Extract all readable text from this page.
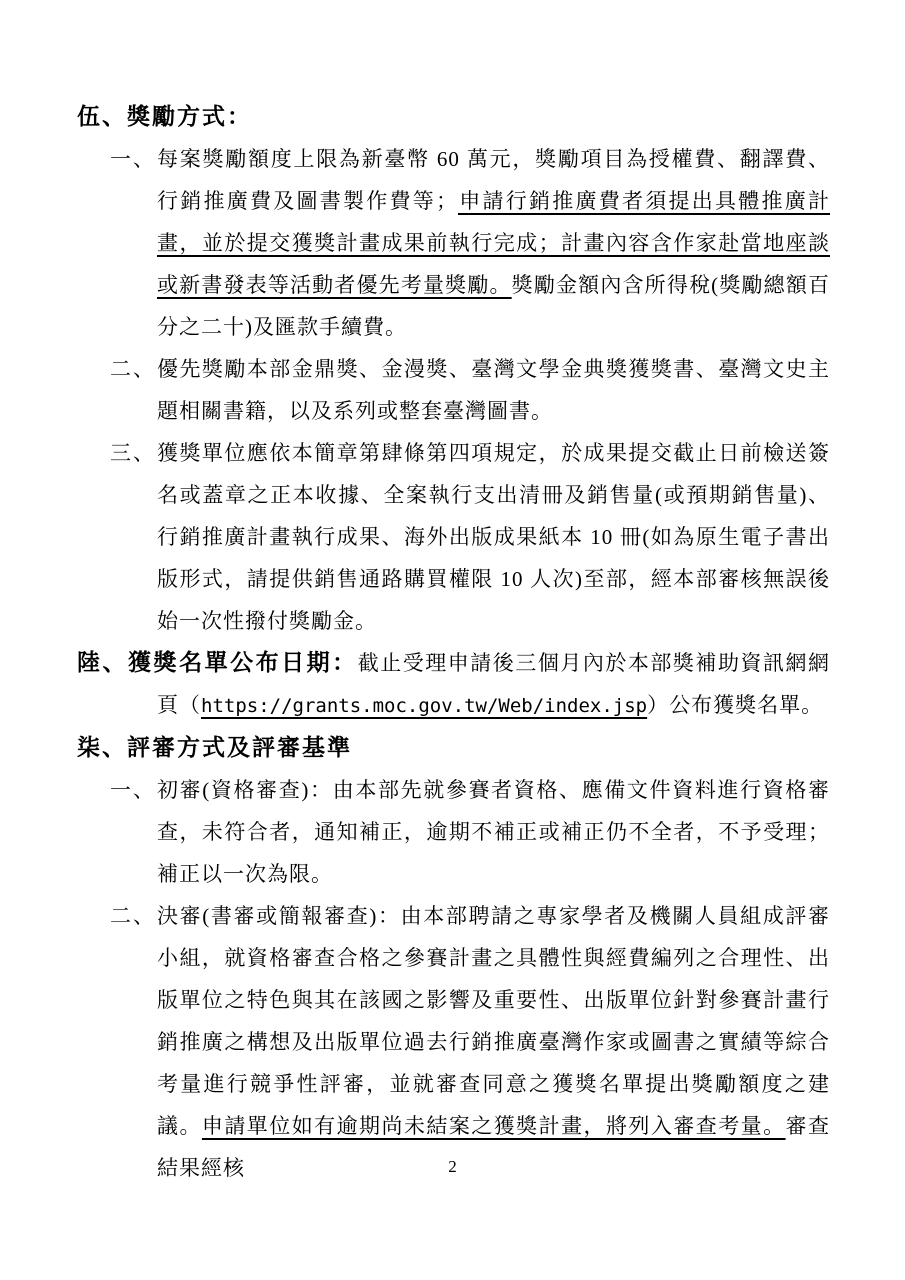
伍、獎勵方式：
一、 每案獎勵額度上限為新臺幣 60 萬元，獎勵項目為授權費、翻譯費、行銷推廣費及圖書製作費等；申請行銷推廣費者須提出具體推廣計畫，並於提交獲獎計畫成果前執行完成；計畫內容含作家赴當地座談或新書發表等活動者優先考量獎勵。獎勵金額內含所得稅(獎勵總額百分之二十)及匯款手續費。

二、 優先獎勵本部金鼎獎、金漫獎、臺灣文學金典獎獲獎書、臺灣文史主題相關書籍，以及系列或整套臺灣圖書。

三、 獲獎單位應依本簡章第肆條第四項規定，於成果提交截止日前檢送簽名或蓋章之正本收據、全案執行支出清冊及銷售量(或預期銷售量)、行銷推廣計畫執行成果、海外出版成果紙本 10 冊(如為原生電子書出版形式，請提供銷售通路購買權限 10 人次)至部，經本部審核無誤後始一次性撥付獎勵金。

陸、獲獎名單公布日期：截止受理申請後三個月內於本部獎補助資訊網網頁（https://grants.moc.gov.tw/Web/index.jsp）公布獲獎名單。

柒、評審方式及評審基準
一、 初審(資格審查)：由本部先就參賽者資格、應備文件資料進行資格審查，未符合者，通知補正，逾期不補正或補正仍不全者，不予受理；補正以一次為限。

二、 決審(書審或簡報審查)：由本部聘請之專家學者及機關人員組成評審小組，就資格審查合格之參賽計畫之具體性與經費編列之合理性、出版單位之特色與其在該國之影響及重要性、出版單位針對參賽計畫行銷推廣之構想及出版單位過去行銷推廣臺灣作家或圖書之實績等綜合考量進行競爭性評審，並就審查同意之獲獎名單提出獎勵額度之建議。申請單位如有逾期尚未結案之獲獎計畫，將列入審查考量。審查結果經核	2
